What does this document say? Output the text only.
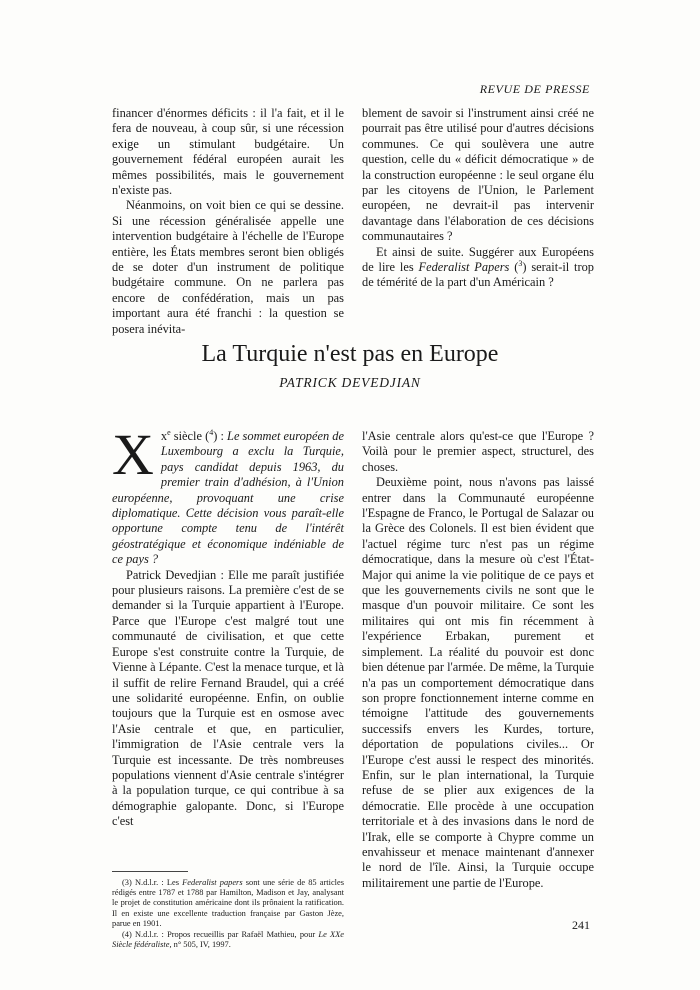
REVUE DE PRESSE

financer d'énormes déficits : il l'a fait, et il le fera de nouveau, à coup sûr, si une récession exige un stimulant budgétaire. Un gouvernement fédéral européen aurait les mêmes possibilités, mais le gouvernement n'existe pas.

Néanmoins, on voit bien ce qui se dessine. Si une récession généralisée appelle une intervention budgétaire à l'échelle de l'Europe entière, les États membres seront bien obligés de se doter d'un instrument de politique budgétaire commune. On ne parlera pas encore de confédération, mais un pas important aura été franchi : la question se posera inévita-

blement de savoir si l'instrument ainsi créé ne pourrait pas être utilisé pour d'autres décisions communes. Ce qui soulèvera une autre question, celle du « déficit démocratique » de la construction européenne : le seul organe élu par les citoyens de l'Union, le Parlement européen, ne devrait-il pas intervenir davantage dans l'élaboration de ces décisions communautaires ?

Et ainsi de suite. Suggérer aux Européens de lire les Federalist Papers ($^3$) serait-il trop de témérité de la part d'un Américain ?

La Turquie n'est pas en Europe
PATRICK DEVEDJIAN

Xx$^e$ siècle ($^4$) : Le sommet européen de Luxembourg a exclu la Turquie, pays candidat depuis 1963, du premier train d'adhésion, à l'Union européenne, provoquant une crise diplomatique. Cette décision vous paraît-elle opportune compte tenu de l'intérêt géostratégique et économique indéniable de ce pays ?

Patrick Devedjian : Elle me paraît justifiée pour plusieurs raisons. La première c'est de se demander si la Turquie appartient à l'Europe. Parce que l'Europe c'est malgré tout une communauté de civilisation, et que cette Europe s'est construite contre la Turquie, de Vienne à Lépante. C'est la menace turque, et là il suffit de relire Fernand Braudel, qui a créé une solidarité européenne. Enfin, on oublie toujours que la Turquie est en osmose avec l'Asie centrale et que, en particulier, l'immigration de l'Asie centrale vers la Turquie est incessante. De très nombreuses populations viennent d'Asie centrale s'intégrer à la population turque, ce qui contribue à sa démographie galopante. Donc, si l'Europe c'est

l'Asie centrale alors qu'est-ce que l'Europe ? Voilà pour le premier aspect, structurel, des choses.

Deuxième point, nous n'avons pas laissé entrer dans la Communauté européenne l'Espagne de Franco, le Portugal de Salazar ou la Grèce des Colonels. Il est bien évident que l'actuel régime turc n'est pas un régime démocratique, dans la mesure où c'est l'État-Major qui anime la vie politique de ce pays et que les gouvernements civils ne sont que le masque d'un pouvoir militaire. Ce sont les militaires qui ont mis fin récemment à l'expérience Erbakan, purement et simplement. La réalité du pouvoir est donc bien détenue par l'armée. De même, la Turquie n'a pas un comportement démocratique dans son propre fonctionnement interne comme en témoigne l'attitude des gouvernements successifs envers les Kurdes, torture, déportation de populations civiles... Or l'Europe c'est aussi le respect des minorités. Enfin, sur le plan international, la Turquie refuse de se plier aux exigences de la démocratie. Elle procède à une occupation territoriale et à des invasions dans le nord de l'Irak, elle se comporte à Chypre comme un envahisseur et menace maintenant d'annexer le nord de l'île. Ainsi, la Turquie occupe militairement une partie de l'Europe.

(3) N.d.l.r. : Les Federalist papers sont une série de 85 articles rédigés entre 1787 et 1788 par Hamilton, Madison et Jay, analysant le projet de constitution américaine dont ils prônaient la ratification. Il en existe une excellente traduction française par Gaston Jèze, parue en 1901.

(4) N.d.l.r. : Propos recueillis par Rafaël Mathieu, pour Le XXe Siècle fédéraliste, n° 505, IV, 1997.

241
